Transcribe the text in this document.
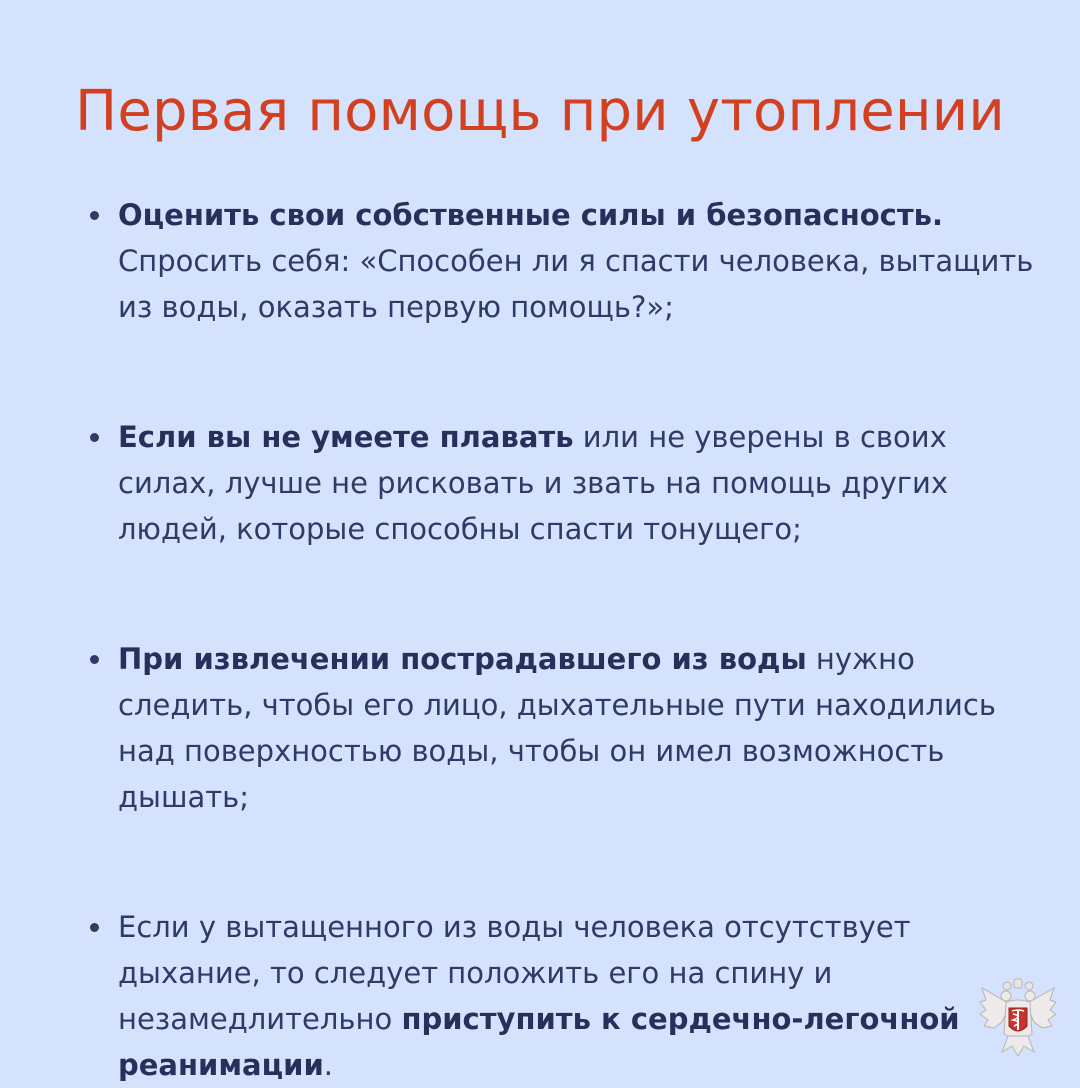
Первая помощь при утоплении
Оценить свои собственные силы и безопасность. Спросить себя: «Способен ли я спасти человека, вытащить из воды, оказать первую помощь?»;
Если вы не умеете плавать или не уверены в своих силах, лучше не рисковать и звать на помощь других людей, которые способны спасти тонущего;
При извлечении пострадавшего из воды нужно следить, чтобы его лицо, дыхательные пути находились над поверхностью воды, чтобы он имел возможность дышать;
Если у вытащенного из воды человека отсутствует дыхание, то следует положить его на спину и незамедлительно приступить к сердечно-легочной реанимации.
